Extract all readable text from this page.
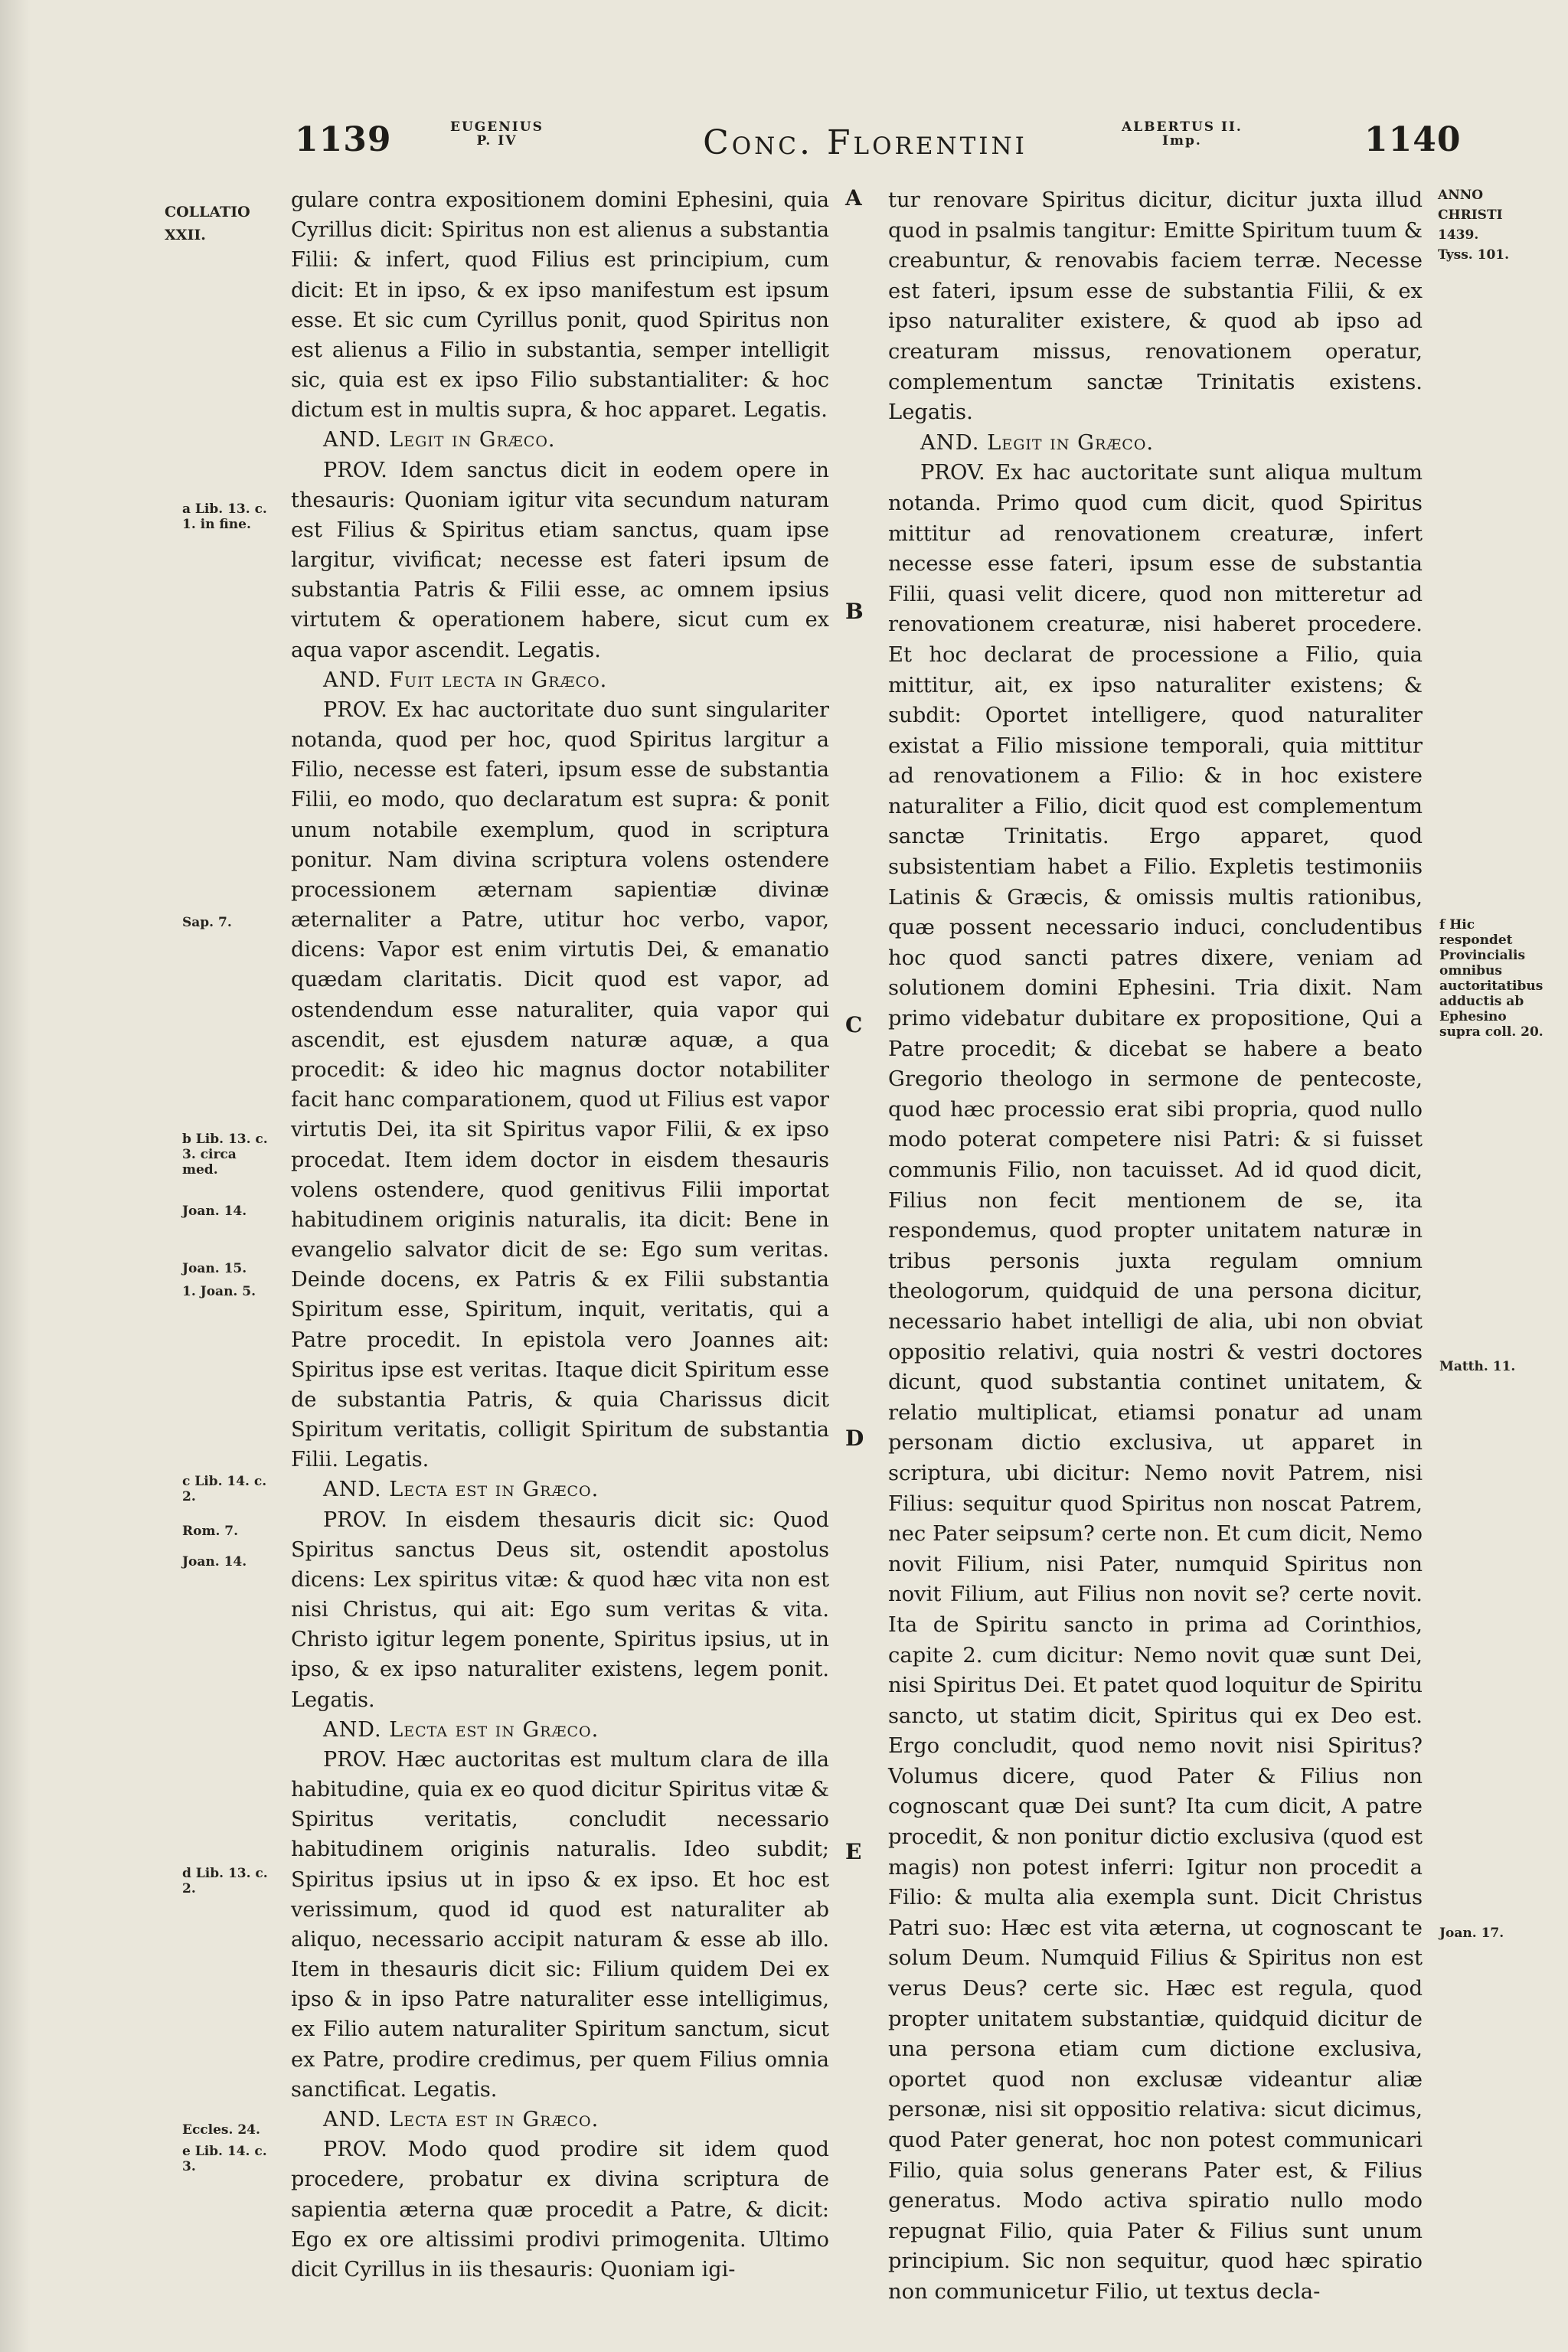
1139	EUGENIUS
P. IV	Conc. Florentini	ALBERTUS II.
Imp.	1140
COLLATIO
XXII.
a Lib. 13. c. 1. in fine.
Sap. 7.
b Lib. 13. c. 3. circa med.
Joan. 14.
Joan. 15.
1. Joan. 5.
c Lib. 14. c. 2.
Rom. 7.
Joan. 14.
d Lib. 13. c. 2.
Eccles. 24.
e Lib. 14. c. 3.
A
B
C
D
E
ANNO
CHRISTI
1439.
Tyss. 101.
f Hic respondet Provincialis omnibus auctoritatibus adductis ab Ephesino supra coll. 20.
Matth. 11.
Joan. 17.

gulare contra expositionem domini Ephesini, quia Cyrillus dicit: Spiritus non est alienus a substantia Filii: & infert, quod Filius est principium, cum dicit: Et in ipso, & ex ipso manifestum est ipsum esse. Et sic cum Cyrillus ponit, quod Spiritus non est alienus a Filio in substantia, semper intelligit sic, quia est ex ipso Filio substantialiter: & hoc dictum est in multis supra, & hoc apparet. Legatis.

AND. Legit in Græco.

PROV. Idem sanctus dicit in eodem opere in thesauris: Quoniam igitur vita secundum naturam est Filius & Spiritus etiam sanctus, quam ipse largitur, vivificat; necesse est fateri ipsum de substantia Patris & Filii esse, ac omnem ipsius virtutem & operationem habere, sicut cum ex aqua vapor ascendit. Legatis.

AND. Fuit lecta in Græco.

PROV. Ex hac auctoritate duo sunt singulariter notanda, quod per hoc, quod Spiritus largitur a Filio, necesse est fateri, ipsum esse de substantia Filii, eo modo, quo declaratum est supra: & ponit unum notabile exemplum, quod in scriptura ponitur. Nam divina scriptura volens ostendere processionem æternam sapientiæ divinæ æternaliter a Patre, utitur hoc verbo, vapor, dicens: Vapor est enim virtutis Dei, & emanatio quædam claritatis. Dicit quod est vapor, ad ostendendum esse naturaliter, quia vapor qui ascendit, est ejusdem naturæ aquæ, a qua procedit: & ideo hic magnus doctor notabiliter facit hanc comparationem, quod ut Filius est vapor virtutis Dei, ita sit Spiritus vapor Filii, & ex ipso procedat. Item idem doctor in eisdem thesauris volens ostendere, quod genitivus Filii importat habitudinem originis naturalis, ita dicit: Bene in evangelio salvator dicit de se: Ego sum veritas. Deinde docens, ex Patris & ex Filii substantia Spiritum esse, Spiritum, inquit, veritatis, qui a Patre procedit. In epistola vero Joannes ait: Spiritus ipse est veritas. Itaque dicit Spiritum esse de substantia Patris, & quia Charissus dicit Spiritum veritatis, colligit Spiritum de substantia Filii. Legatis.

AND. Lecta est in Græco.

PROV. In eisdem thesauris dicit sic: Quod Spiritus sanctus Deus sit, ostendit apostolus dicens: Lex spiritus vitæ: & quod hæc vita non est nisi Christus, qui ait: Ego sum veritas & vita. Christo igitur legem ponente, Spiritus ipsius, ut in ipso, & ex ipso naturaliter existens, legem ponit. Legatis.

AND. Lecta est in Græco.

PROV. Hæc auctoritas est multum clara de illa habitudine, quia ex eo quod dicitur Spiritus vitæ & Spiritus veritatis, concludit necessario habitudinem originis naturalis. Ideo subdit; Spiritus ipsius ut in ipso & ex ipso. Et hoc est verissimum, quod id quod est naturaliter ab aliquo, necessario accipit naturam & esse ab illo. Item in thesauris dicit sic: Filium quidem Dei ex ipso & in ipso Patre naturaliter esse intelligimus, ex Filio autem naturaliter Spiritum sanctum, sicut ex Patre, prodire credimus, per quem Filius omnia sanctificat. Legatis.

AND. Lecta est in Græco.

PROV. Modo quod prodire sit idem quod procedere, probatur ex divina scriptura de sapientia æterna quæ procedit a Patre, & dicit: Ego ex ore altissimi prodivi primogenita. Ultimo dicit Cyrillus in iis thesauris: Quoniam igi-

tur renovare Spiritus dicitur, dicitur juxta illud quod in psalmis tangitur: Emitte Spiritum tuum & creabuntur, & renovabis faciem terræ. Necesse est fateri, ipsum esse de substantia Filii, & ex ipso naturaliter existere, & quod ab ipso ad creaturam missus, renovationem operatur, complementum sanctæ Trinitatis existens. Legatis.

AND. Legit in Græco.

PROV. Ex hac auctoritate sunt aliqua multum notanda. Primo quod cum dicit, quod Spiritus mittitur ad renovationem creaturæ, infert necesse esse fateri, ipsum esse de substantia Filii, quasi velit dicere, quod non mitteretur ad renovationem creaturæ, nisi haberet procedere. Et hoc declarat de processione a Filio, quia mittitur, ait, ex ipso naturaliter existens; & subdit: Oportet intelligere, quod naturaliter existat a Filio missione temporali, quia mittitur ad renovationem a Filio: & in hoc existere naturaliter a Filio, dicit quod est complementum sanctæ Trinitatis. Ergo apparet, quod subsistentiam habet a Filio. Expletis testimoniis Latinis & Græcis, & omissis multis rationibus, quæ possent necessario induci, concludentibus hoc quod sancti patres dixere, veniam ad solutionem domini Ephesini. Tria dixit. Nam primo videbatur dubitare ex propositione, Qui a Patre procedit; & dicebat se habere a beato Gregorio theologo in sermone de pentecoste, quod hæc processio erat sibi propria, quod nullo modo poterat competere nisi Patri: & si fuisset communis Filio, non tacuisset. Ad id quod dicit, Filius non fecit mentionem de se, ita respondemus, quod propter unitatem naturæ in tribus personis juxta regulam omnium theologorum, quidquid de una persona dicitur, necessario habet intelligi de alia, ubi non obviat oppositio relativi, quia nostri & vestri doctores dicunt, quod substantia continet unitatem, & relatio multiplicat, etiamsi ponatur ad unam personam dictio exclusiva, ut apparet in scriptura, ubi dicitur: Nemo novit Patrem, nisi Filius: sequitur quod Spiritus non noscat Patrem, nec Pater seipsum? certe non. Et cum dicit, Nemo novit Filium, nisi Pater, numquid Spiritus non novit Filium, aut Filius non novit se? certe novit. Ita de Spiritu sancto in prima ad Corinthios, capite 2. cum dicitur: Nemo novit quæ sunt Dei, nisi Spiritus Dei. Et patet quod loquitur de Spiritu sancto, ut statim dicit, Spiritus qui ex Deo est. Ergo concludit, quod nemo novit nisi Spiritus? Volumus dicere, quod Pater & Filius non cognoscant quæ Dei sunt? Ita cum dicit, A patre procedit, & non ponitur dictio exclusiva (quod est magis) non potest inferri: Igitur non procedit a Filio: & multa alia exempla sunt. Dicit Christus Patri suo: Hæc est vita æterna, ut cognoscant te solum Deum. Numquid Filius & Spiritus non est verus Deus? certe sic. Hæc est regula, quod propter unitatem substantiæ, quidquid dicitur de una persona etiam cum dictione exclusiva, oportet quod non exclusæ videantur aliæ personæ, nisi sit oppositio relativa: sicut dicimus, quod Pater generat, hoc non potest communicari Filio, quia solus generans Pater est, & Filius generatus. Modo activa spiratio nullo modo repugnat Filio, quia Pater & Filius sunt unum principium. Sic non sequitur, quod hæc spiratio non communicetur Filio, ut textus decla-
